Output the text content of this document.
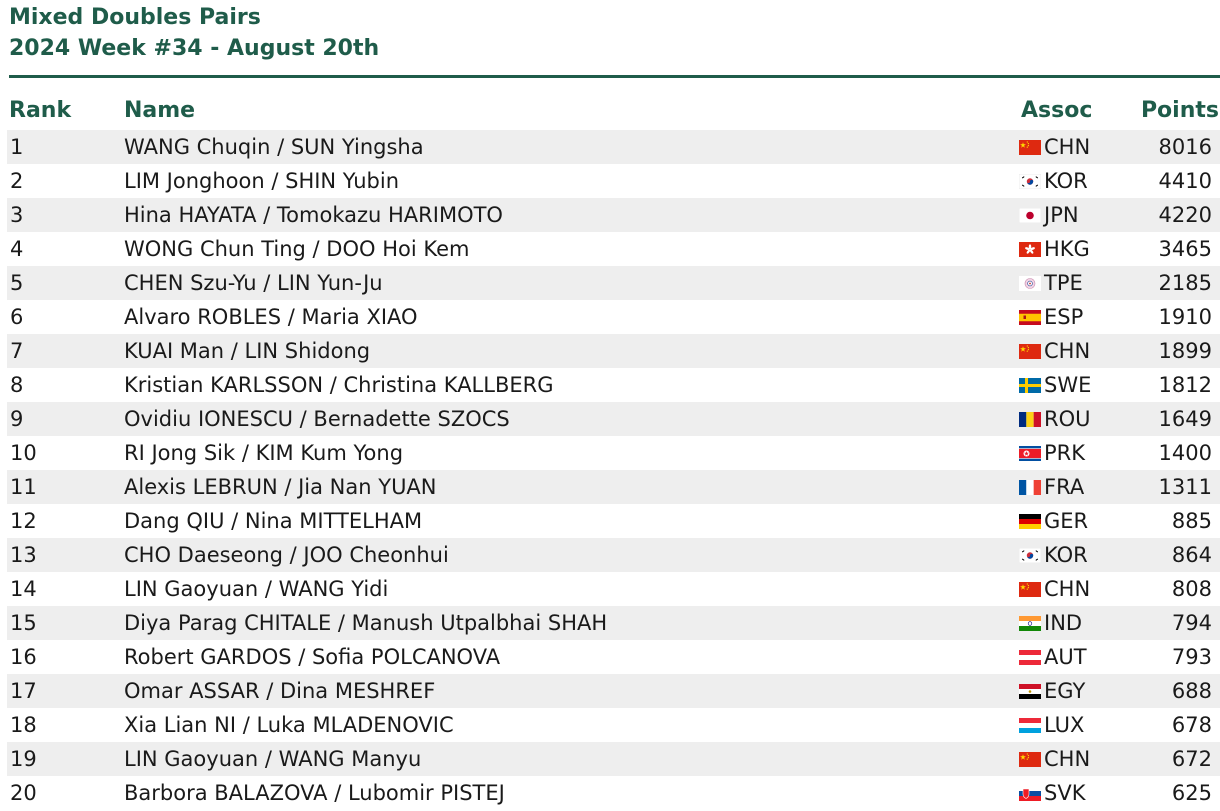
Mixed Doubles Pairs
2024 Week #34 - August 20th
Rank Name	Assoc Points
1	WANG Chuqin / SUN Yingsha	CHN	8016
2	LIM Jonghoon / SHIN Yubin	KOR	4410
3	Hina HAYATA / Tomokazu HARIMOTO	JPN	4220
4	WONG Chun Ting / DOO Hoi Kem	HKG	3465
5	CHEN Szu-Yu / LIN Yun-Ju	TPE	2185
6	Alvaro ROBLES / Maria XIAO	ESP	1910
7	KUAI Man / LIN Shidong	CHN	1899
8	Kristian KARLSSON / Christina KALLBERG	SWE	1812
9	Ovidiu IONESCU / Bernadette SZOCS	ROU	1649
10	RI Jong Sik / KIM Kum Yong	PRK	1400
11	Alexis LEBRUN / Jia Nan YUAN	FRA	1311
12	Dang QIU / Nina MITTELHAM	GER	885
13	CHO Daeseong / JOO Cheonhui	KOR	864
14	LIN Gaoyuan / WANG Yidi	CHN	808
15	Diya Parag CHITALE / Manush Utpalbhai SHAH	IND	794
16	Robert GARDOS / Sofia POLCANOVA	AUT	793
17	Omar ASSAR / Dina MESHREF	EGY	688
18	Xia Lian NI / Luka MLADENOVIC	LUX	678
19	LIN Gaoyuan / WANG Manyu	CHN	672
20	Barbora BALAZOVA / Lubomir PISTEJ	SVK	625
